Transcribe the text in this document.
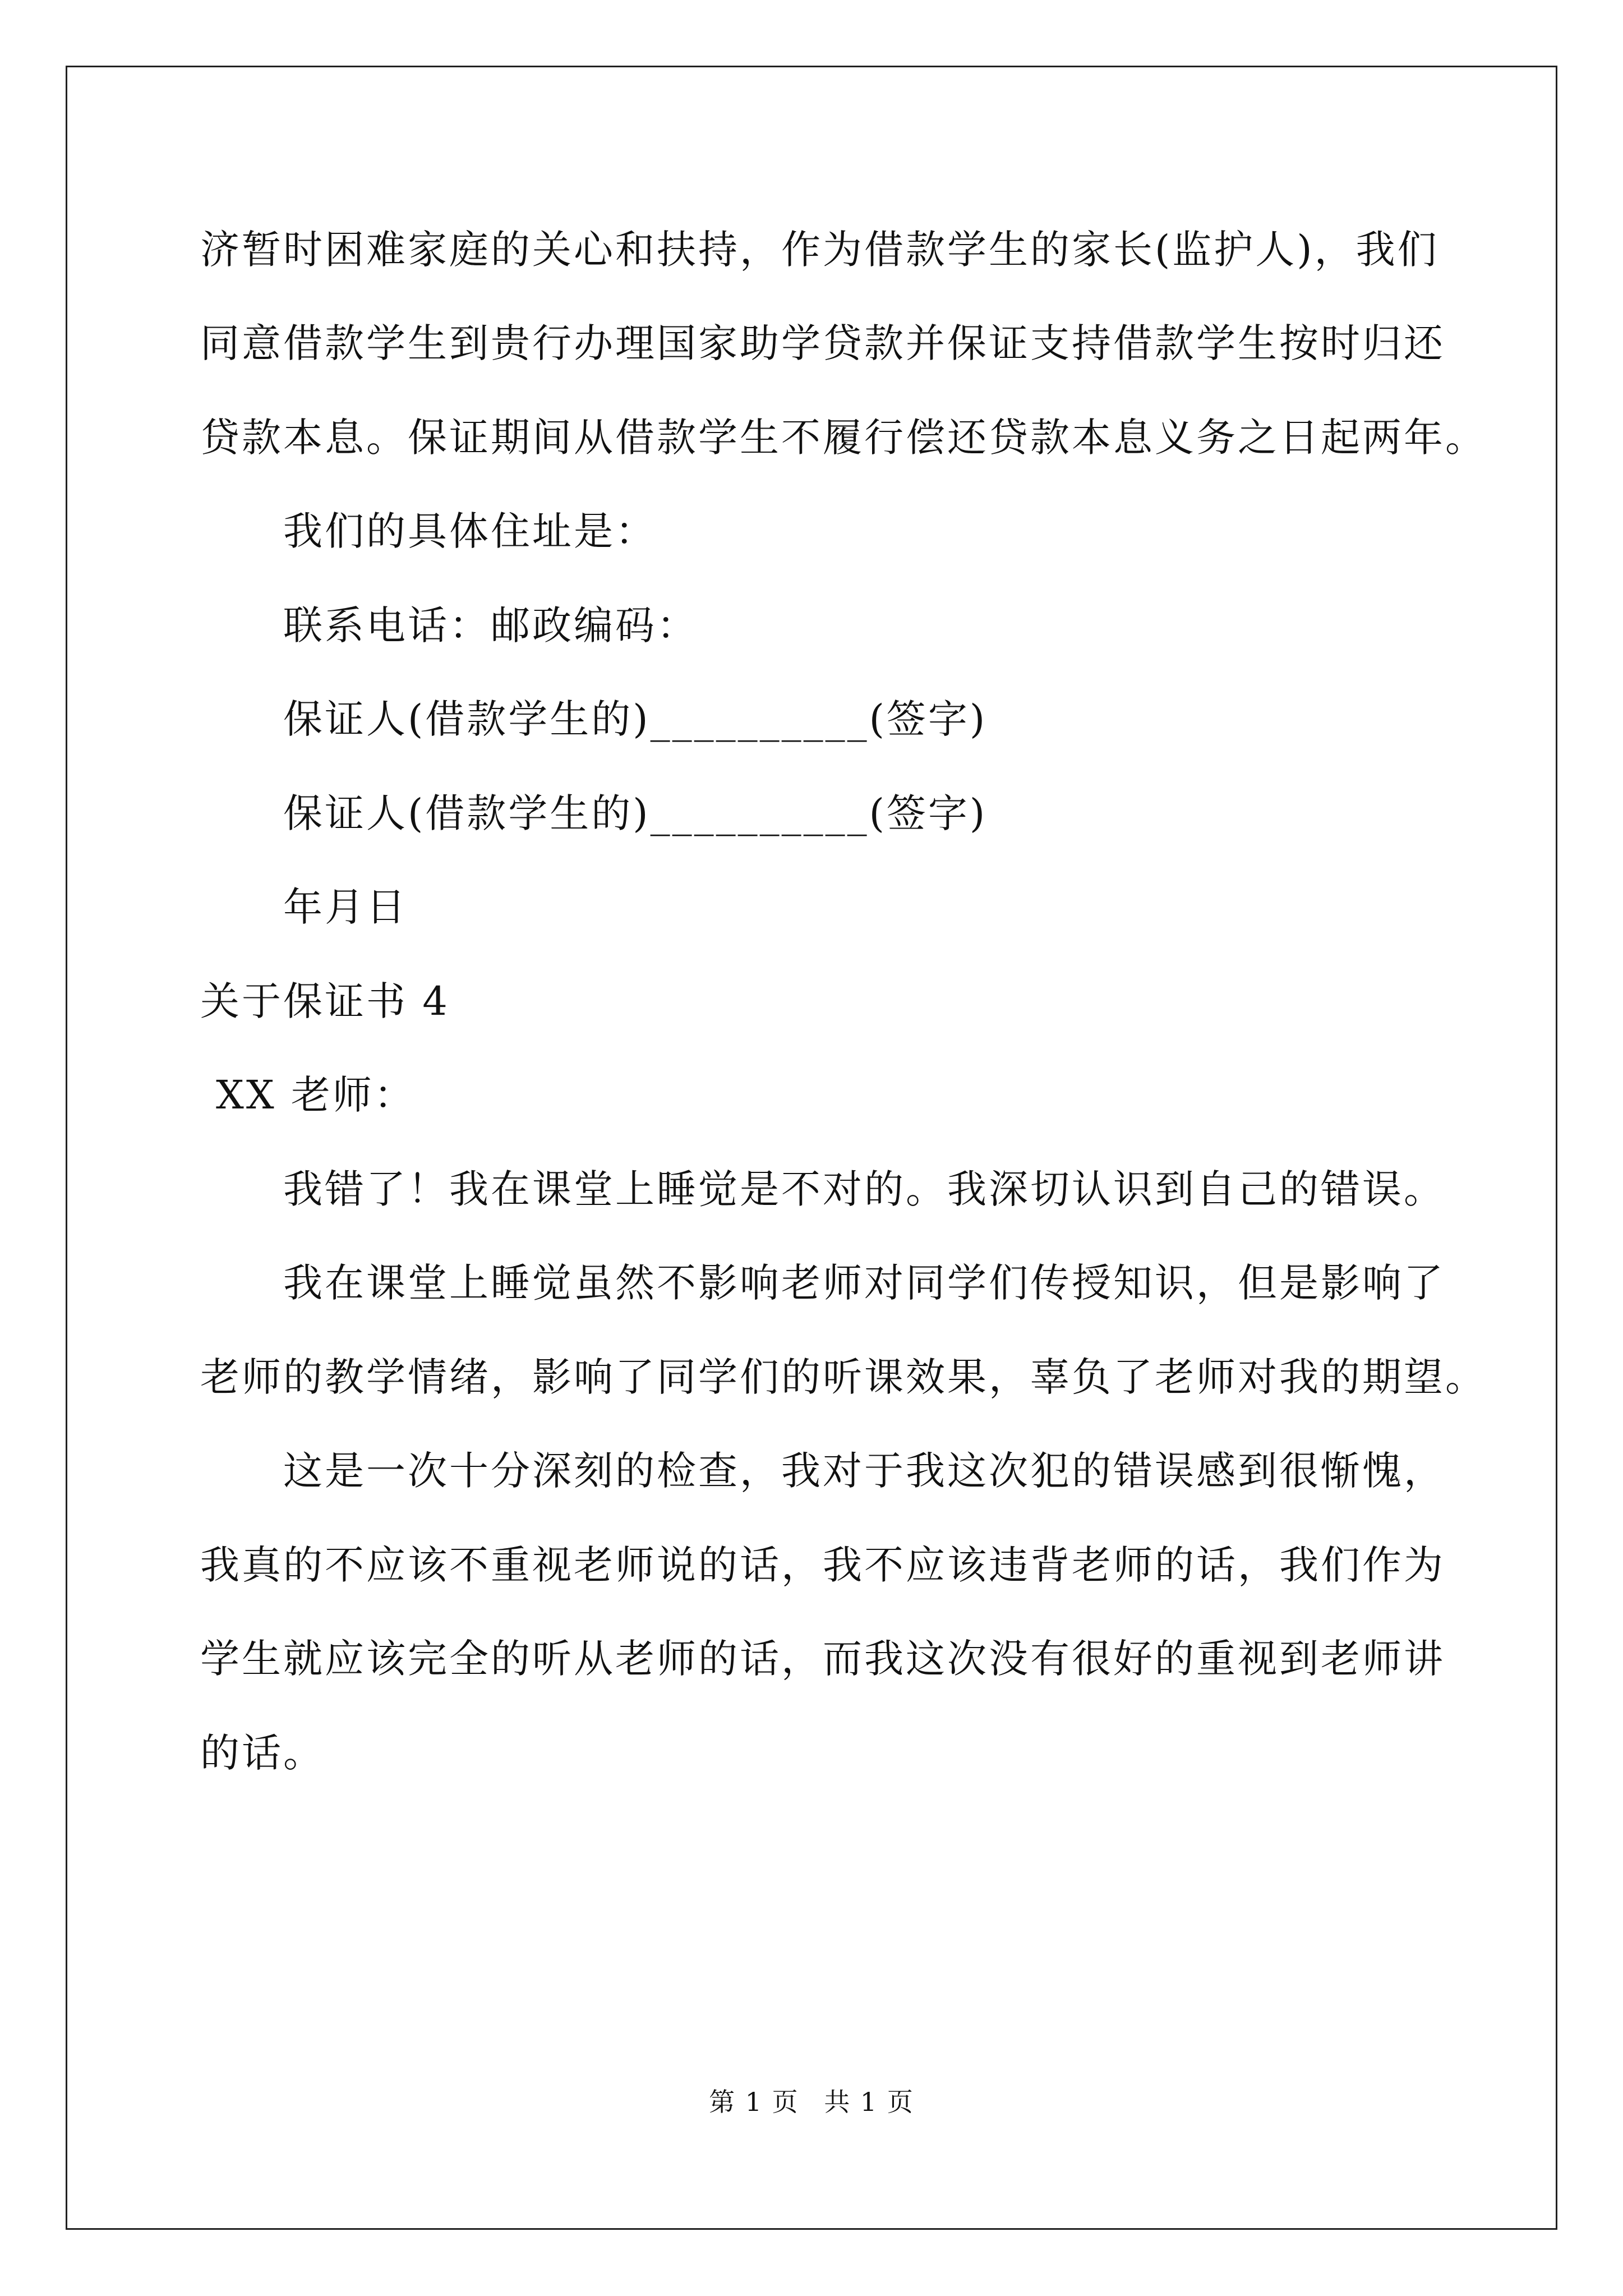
济暂时困难家庭的关心和扶持，作为借款学生的家长(监护人)，我们
同意借款学生到贵行办理国家助学贷款并保证支持借款学生按时归还
贷款本息。保证期间从借款学生不履行偿还贷款本息义务之日起两年。
我们的具体住址是：
联系电话：邮政编码：
保证人(借款学生的)__________(签字)
保证人(借款学生的)__________(签字)
年月日
关于保证书 4
XX 老师：
我错了！我在课堂上睡觉是不对的。我深切认识到自己的错误。
我在课堂上睡觉虽然不影响老师对同学们传授知识，但是影响了
老师的教学情绪，影响了同学们的听课效果，辜负了老师对我的期望。
这是一次十分深刻的检查，我对于我这次犯的错误感到很惭愧，
我真的不应该不重视老师说的话，我不应该违背老师的话，我们作为
学生就应该完全的听从老师的话，而我这次没有很好的重视到老师讲
的话。
第 1 页 共 1 页
